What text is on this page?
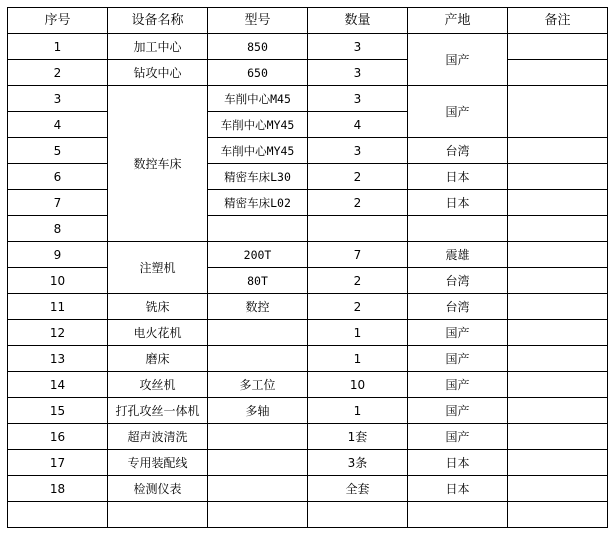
序号	设备名称	型号	数量	产地	备注
1	加工中心	850	3	国产	
2	钻攻中心	650	3		
3	数控车床	车削中心M45	3	国产	
4		车削中心MY45	4		
5		车削中心MY45	3	台湾	
6		精密车床L30	2	日本	
7		精密车床L02	2	日本	
8					
9	注塑机	200T	7	震雄	
10		80T	2	台湾	
11	铣床	数控	2	台湾	
12	电火花机		1	国产	
13	磨床		1	国产	
14	攻丝机	多工位	10	国产	
15	打孔攻丝一体机	多轴	1	国产	
16	超声波清洗		1套	国产	
17	专用装配线		3条	日本	
18	检测仪表		全套	日本	
